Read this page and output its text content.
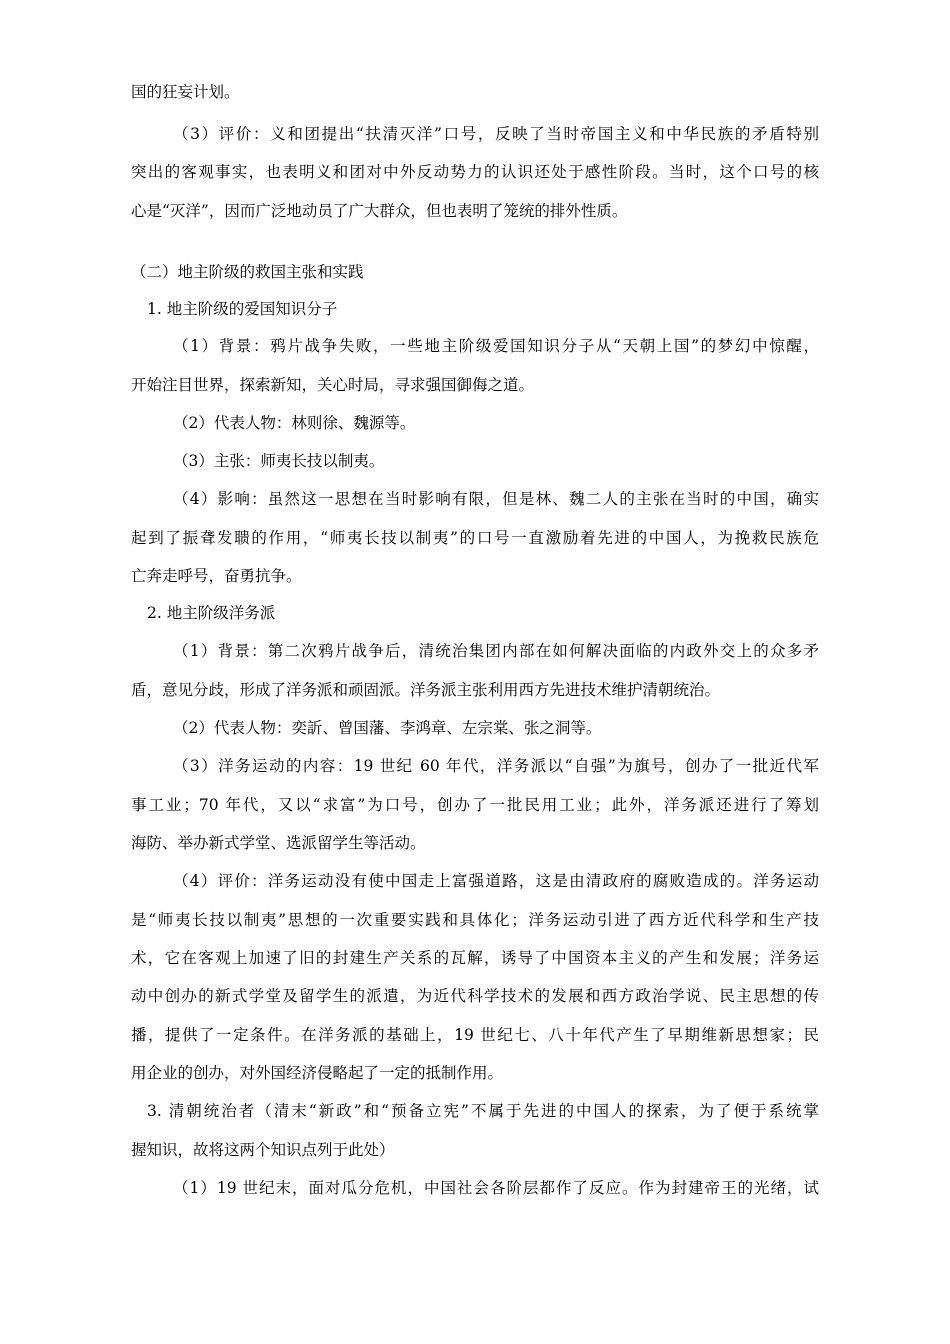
国的狂妄计划。
（3）评价：义和团提出“扶清灭洋”口号，反映了当时帝国主义和中华民族的矛盾特别
突出的客观事实，也表明义和团对中外反动势力的认识还处于感性阶段。当时，这个口号的核
心是“灭洋”，因而广泛地动员了广大群众，但也表明了笼统的排外性质。
（二）地主阶级的救国主张和实践
1. 地主阶级的爱国知识分子
（1）背景：鸦片战争失败，一些地主阶级爱国知识分子从“天朝上国”的梦幻中惊醒，
开始注目世界，探索新知，关心时局，寻求强国御侮之道。
（2）代表人物：林则徐、魏源等。
（3）主张：师夷长技以制夷。
（4）影响：虽然这一思想在当时影响有限，但是林、魏二人的主张在当时的中国，确实
起到了振聋发聩的作用，“师夷长技以制夷”的口号一直激励着先进的中国人，为挽救民族危
亡奔走呼号，奋勇抗争。
2. 地主阶级洋务派
（1）背景：第二次鸦片战争后，清统治集团内部在如何解决面临的内政外交上的众多矛
盾，意见分歧，形成了洋务派和顽固派。洋务派主张利用西方先进技术维护清朝统治。
（2）代表人物：奕訢、曾国藩、李鸿章、左宗棠、张之洞等。
（3）洋务运动的内容：19 世纪 60 年代，洋务派以“自强”为旗号，创办了一批近代军
事工业；70 年代，又以“求富”为口号，创办了一批民用工业；此外，洋务派还进行了筹划
海防、举办新式学堂、选派留学生等活动。
（4）评价：洋务运动没有使中国走上富强道路，这是由清政府的腐败造成的。洋务运动
是“师夷长技以制夷”思想的一次重要实践和具体化；洋务运动引进了西方近代科学和生产技
术，它在客观上加速了旧的封建生产关系的瓦解，诱导了中国资本主义的产生和发展；洋务运
动中创办的新式学堂及留学生的派遣，为近代科学技术的发展和西方政治学说、民主思想的传
播，提供了一定条件。在洋务派的基础上，19 世纪七、八十年代产生了早期维新思想家；民
用企业的创办，对外国经济侵略起了一定的抵制作用。
3. 清朝统治者（清末“新政”和“预备立宪”不属于先进的中国人的探索，为了便于系统掌
握知识，故将这两个知识点列于此处）
（1）19 世纪末，面对瓜分危机，中国社会各阶层都作了反应。作为封建帝王的光绪，试
